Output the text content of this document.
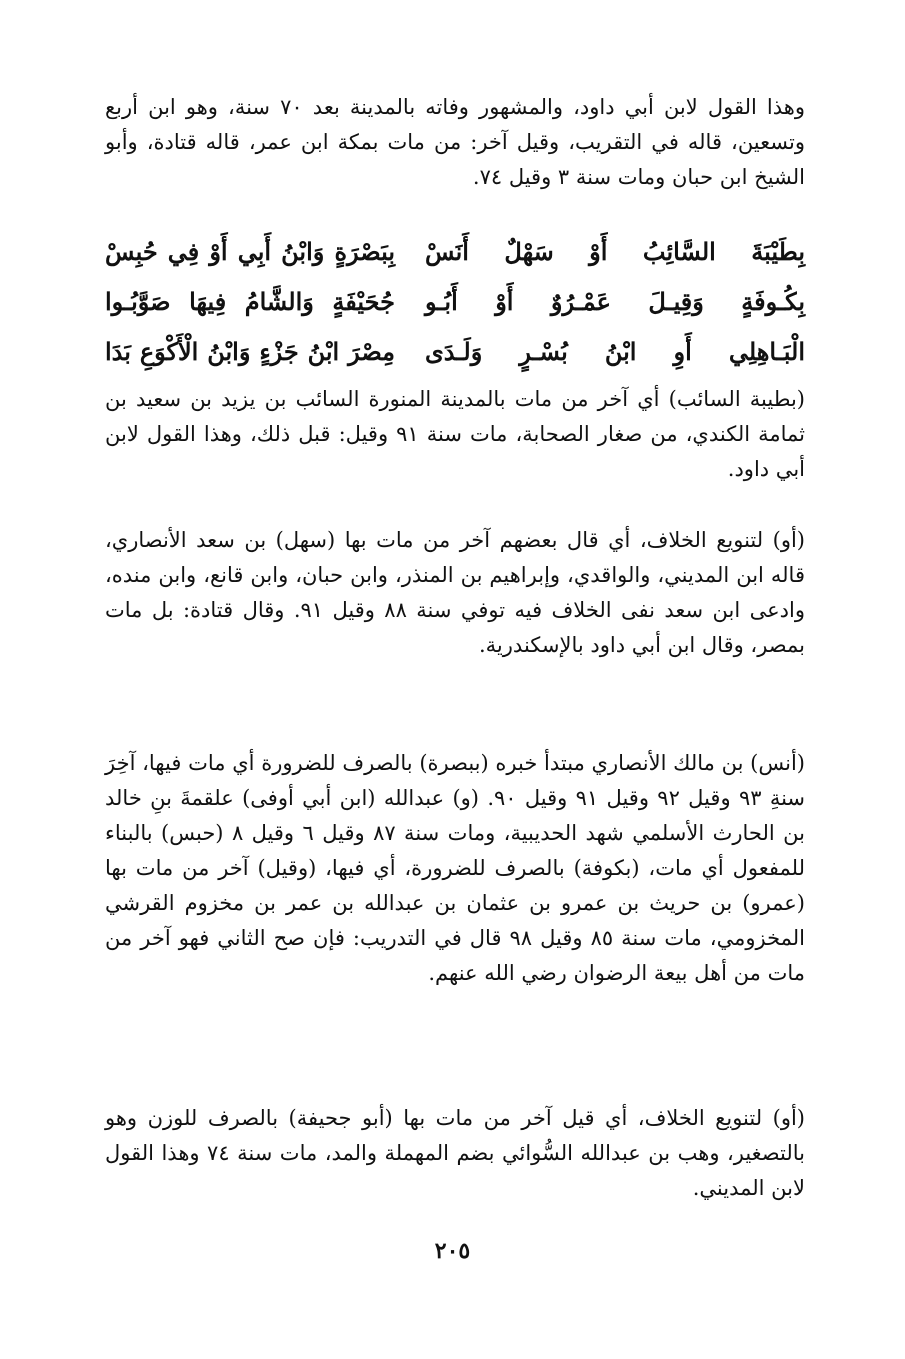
وهذا القول لابن أبي داود، والمشهور وفاته بالمدينة بعد ٧٠ سنة، وهو ابن أربع وتسعين، قاله في التقريب، وقيل آخر: من مات بمكة ابن عمر، قاله قتادة، وأبو الشيخ ابن حبان ومات سنة ٣ وقيل ٧٤.

بِطَيْبَةَ السَّائِبُ أَوْ سَهْلٌ أَنَسْ
بِبَصْرَةٍ وَابْنُ أَبِي أَوْ فِي حُبِسْ
بِكُـوفَةٍ وَقِيـلَ عَمْـرُوٌ أَوْ أَبُـو
جُحَيْفَةٍ وَالشَّامُ فِيهَا صَوَّبُـوا
الْبَـاهِلِي أَوِ ابْنُ بُسْـرٍ وَلَـدَى
مِصْرَ ابْنُ جَزْءٍ وَابْنُ الْأَكْوَعِ بَدَا

(بطيبة السائب) أي آخر من مات بالمدينة المنورة السائب بن يزيد بن سعيد بن ثمامة الكندي، من صغار الصحابة، مات سنة ٩١ وقيل: قبل ذلك، وهذا القول لابن أبي داود.

(أو) لتنويع الخلاف، أي قال بعضهم آخر من مات بها (سهل) بن سعد الأنصاري، قاله ابن المديني، والواقدي، وإبراهيم بن المنذر، وابن حبان، وابن قانع، وابن منده، وادعى ابن سعد نفى الخلاف فيه توفي سنة ٨٨ وقيل ٩١. وقال قتادة: بل مات بمصر، وقال ابن أبي داود بالإسكندرية.

(أنس) بن مالك الأنصاري مبتدأ خبره (ببصرة) بالصرف للضرورة أي مات فيها، آخِرَ سنةِ ٩٣ وقيل ٩٢ وقيل ٩١ وقيل ٩٠. (و) عبدالله (ابن أبي أوفى) علقمةَ بنِ خالد بن الحارث الأسلمي شهد الحديبية، ومات سنة ٨٧ وقيل ٦ وقيل ٨ (حبس) بالبناء للمفعول أي مات، (بكوفة) بالصرف للضرورة، أي فيها، (وقيل) آخر من مات بها (عمرو) بن حريث بن عمرو بن عثمان بن عبدالله بن عمر بن مخزوم القرشي المخزومي، مات سنة ٨٥ وقيل ٩٨ قال في التدريب: فإن صح الثاني فهو آخر من مات من أهل بيعة الرضوان رضي الله عنهم.

(أو) لتنويع الخلاف، أي قيل آخر من مات بها (أبو جحيفة) بالصرف للوزن وهو بالتصغير، وهب بن عبدالله السُّوائي بضم المهملة والمد، مات سنة ٧٤ وهذا القول لابن المديني.

٢٠٥
